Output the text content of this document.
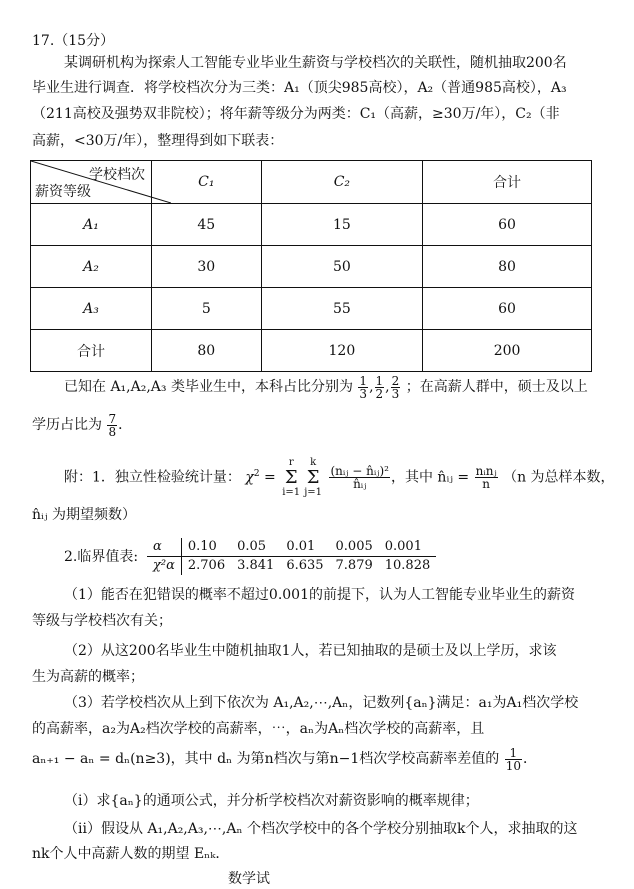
17.（15分）
某调研机构为探索人工智能专业毕业生薪资与学校档次的关联性，随机抽取200名
毕业生进行调查．将学校档次分为三类：A₁（顶尖985高校），A₂（普通985高校），A₃
（211高校及强势双非院校）；将年薪等级分为两类：C₁（高薪，≥30万/年），C₂（非
高薪，<30万/年），整理得到如下联表：
学校档次
薪资等级	C₁	C₂	合计
A₁	45	15	60
A₂	30	50	80
A₃	5	55	60
合计	80	120	200
已知在 A₁,A₂,A₃ 类毕业生中，本科占比分别为 $\frac{1}{3}$ , $\frac{1}{2}$ , $\frac{2}{3}$ ；在高薪人群中，硕士及以上
学历占比为 $\frac{7}{8}$ ．
附：1．独立性检验统计量： $\chi^2$ =
r
Σ
i=1
k
Σ
j=1

$\frac{\text{(nᵢⱼ − n̂ᵢⱼ)²}}{\text{n̂ᵢⱼ}}$ ，其中 n̂ᵢⱼ = $\frac{\text{nᵢnⱼ}}{n} (n$ 为总样本数，
n̂ᵢⱼ 为期望频数）
2.临界值表:
α	0.10	0.05	0.01	0.005	0.001
χ²α	2.706	3.841	6.635	7.879	10.828
（1）能否在犯错误的概率不超过0.001的前提下，认为人工智能专业毕业生的薪资
等级与学校档次有关；
（2）从这200名毕业生中随机抽取1人，若已知抽取的是硕士及以上学历，求该
生为高薪的概率；
（3）若学校档次从上到下依次为 A₁,A₂,⋯,Aₙ，记数列{aₙ}满足：a₁为A₁档次学校
的高薪率，a₂为A₂档次学校的高薪率，⋯，aₙ为Aₙ档次学校的高薪率，且
aₙ₊₁ − aₙ = dₙ(n≥3)，其中 dₙ 为第n档次与第n−1档次学校高薪率差值的 $\frac{1}{10}$ ．
（i）求{aₙ}的通项公式，并分析学校档次对薪资影响的概率规律；
（ii）假设从 A₁,A₂,A₃,⋯,Aₙ 个档次学校中的各个学校分别抽取k个人，求抽取的这
nk个人中高薪人数的期望 Eₙₖ．
数学试
